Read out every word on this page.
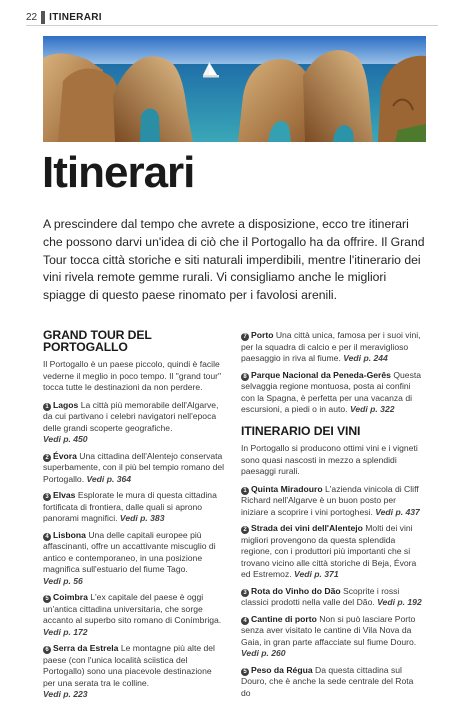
22 ITINERARI
Itinerari

A prescindere dal tempo che avrete a disposizione, ecco tre itinerari che possono darvi un'idea di ciò che il Portogallo ha da offrire. Il Grand Tour tocca città storiche e siti naturali imperdibili, mentre l'itinerario dei vini rivela remote gemme rurali. Vi consigliamo anche le migliori spiagge di questo paese rinomato per i favolosi arenili.

GRAND TOUR DEL PORTOGALLO

Il Portogallo è un paese piccolo, quindi è facile vederne il meglio in poco tempo. Il "grand tour" tocca tutte le destinazioni da non perdere.

1 Lagos La città più memorabile dell'Algarve, da cui partivano i celebri navigatori nell'epoca delle grandi scoperte geografiche.
Vedi p. 450

2 Évora Una cittadina dell'Alentejo conservata superbamente, con il più bel tempio romano del Portogallo. Vedi p. 364

3 Elvas Esplorate le mura di questa cittadina fortificata di frontiera, dalle quali si aprono panorami magnifici. Vedi p. 383

4 Lisbona Una delle capitali europee più affascinanti, offre un accattivante miscuglio di antico e contemporaneo, in una posizione magnifica sull'estuario del fiume Tago.
Vedi p. 56

5 Coimbra L'ex capitale del paese è oggi un'antica cittadina universitaria, che sorge accanto al superbo sito romano di Conímbriga.
Vedi p. 172

6 Serra da Estrela Le montagne più alte del paese (con l'unica località sciistica del Portogallo) sono una piacevole destinazione per una serata tra le colline.
Vedi p. 223

7 Porto Una città unica, famosa per i suoi vini, per la squadra di calcio e per il meraviglioso paesaggio in riva al fiume. Vedi p. 244

8 Parque Nacional da Peneda-Gerês Questa selvaggia regione montuosa, posta ai confini con la Spagna, è perfetta per una vacanza di escursioni, a piedi o in auto. Vedi p. 322

ITINERARIO DEI VINI

In Portogallo si producono ottimi vini e i vigneti sono quasi nascosti in mezzo a splendidi paesaggi rurali.

1 Quinta Miradouro L'azienda vinicola di Cliff Richard nell'Algarve è un buon posto per iniziare a scoprire i vini portoghesi. Vedi p. 437

2 Strada dei vini dell'Alentejo Molti dei vini migliori provengono da questa splendida regione, con i produttori più importanti che si trovano vicino alle città storiche di Beja, Évora ed Estremoz. Vedi p. 371

3 Rota do Vinho do Dão Scoprite i rossi classici prodotti nella valle del Dão. Vedi p. 192

4 Cantine di porto Non si può lasciare Porto senza aver visitato le cantine di Vila Nova da Gaia, in gran parte affacciate sul fiume Douro.
Vedi p. 260

5 Peso da Régua Da questa cittadina sul Douro, che è anche la sede centrale del Rota do
